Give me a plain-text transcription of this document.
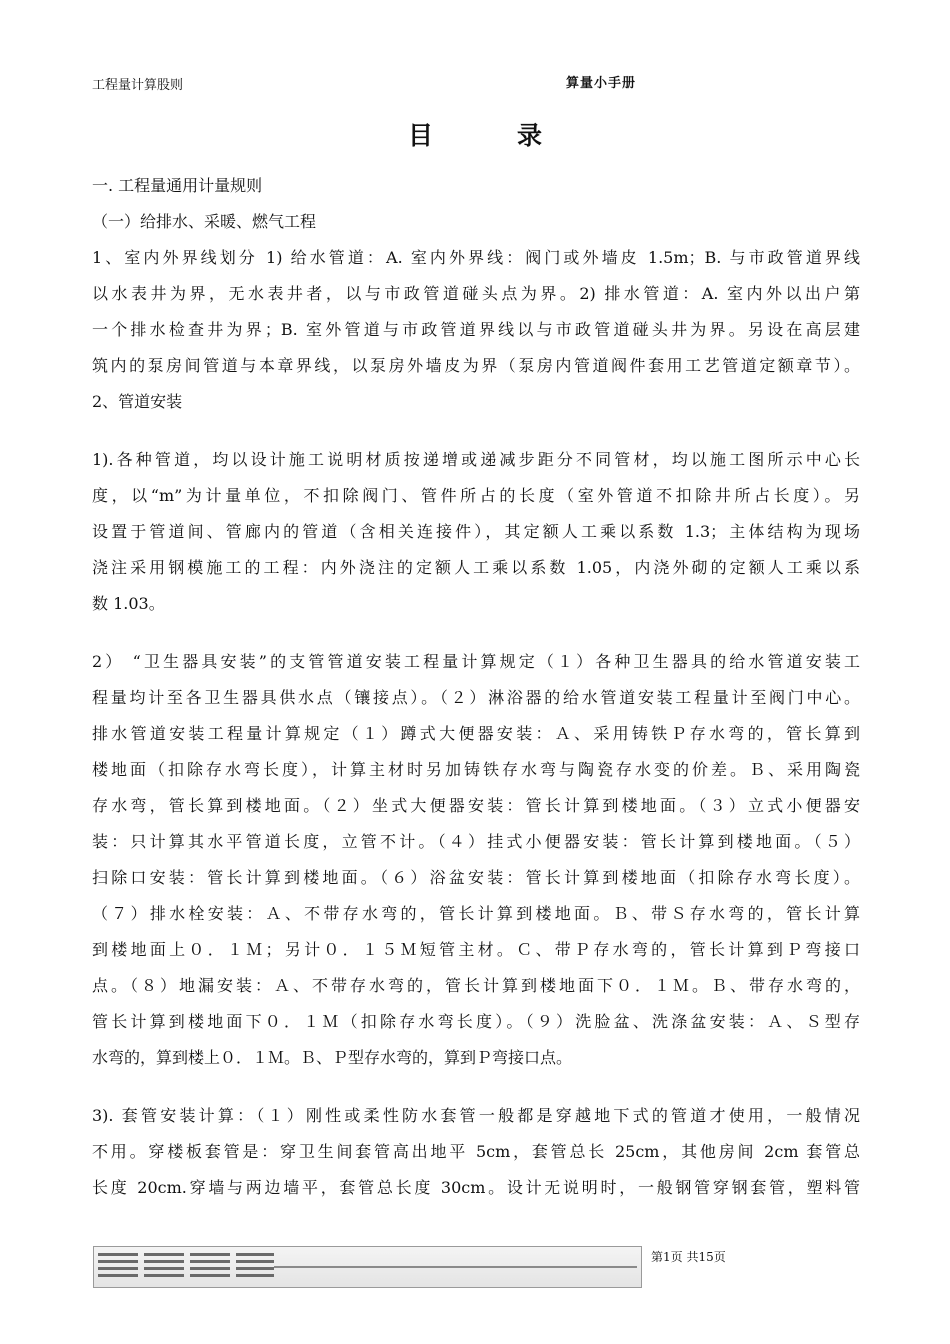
工程量计算股则	算量小手册
目	录
一. 工程量通用计量规则
（一）给排水、采暖、燃气工程
1、室内外界线划分 1) 给水管道：A. 室内外界线：阀门或外墙皮 1.5m；B. 与市政管道界线
以水表井为界，无水表井者，以与市政管道碰头点为界。2) 排水管道：A. 室内外以出户第
一个排水检查井为界；B. 室外管道与市政管道界线以与市政管道碰头井为界。另设在高层建
筑内的泵房间管道与本章界线，以泵房外墙皮为界（泵房内管道阀件套用工艺管道定额章节）。
2、管道安装
1).各种管道，均以设计施工说明材质按递增或递减步距分不同管材，均以施工图所示中心长
度，以“m”为计量单位，不扣除阀门、管件所占的长度（室外管道不扣除井所占长度）。另
设置于管道间、管廊内的管道（含相关连接件），其定额人工乘以系数 1.3；主体结构为现场
浇注采用钢模施工的工程：内外浇注的定额人工乘以系数 1.05，内浇外砌的定额人工乘以系
数 1.03。
2） “卫生器具安装”的支管管道安装工程量计算规定（１）各种卫生器具的给水管道安装工
程量均计至各卫生器具供水点（镶接点）。（２）淋浴器的给水管道安装工程量计至阀门中心。
排水管道安装工程量计算规定（１）蹲式大便器安装：Ａ、采用铸铁Ｐ存水弯的，管长算到
楼地面（扣除存水弯长度），计算主材时另加铸铁存水弯与陶瓷存水变的价差。Ｂ、采用陶瓷
存水弯，管长算到楼地面。（２）坐式大便器安装：管长计算到楼地面。（３）立式小便器安
装：只计算其水平管道长度，立管不计。（４）挂式小便器安装：管长计算到楼地面。（５）
扫除口安装：管长计算到楼地面。（６）浴盆安装：管长计算到楼地面（扣除存水弯长度）。
（７）排水栓安装：Ａ、不带存水弯的，管长计算到楼地面。Ｂ、带Ｓ存水弯的，管长计算
到楼地面上０．１Ｍ；另计０．１５Ｍ短管主材。Ｃ、带Ｐ存水弯的，管长计算到Ｐ弯接口
点。（８）地漏安装：Ａ、不带存水弯的，管长计算到楼地面下０．１Ｍ。Ｂ、带存水弯的，
管长计算到楼地面下０．１Ｍ（扣除存水弯长度）。（９）洗脸盆、洗涤盆安装：Ａ、Ｓ型存
水弯的，算到楼上０．１Ｍ。Ｂ、Ｐ型存水弯的，算到Ｐ弯接口点。
3). 套管安装计算：（１）刚性或柔性防水套管一般都是穿越地下式的管道才使用，一般情况
不用。穿楼板套管是：穿卫生间套管高出地平 5cm，套管总长 25cm，其他房间 2cm 套管总
长度 20cm.穿墙与两边墙平，套管总长度 30cm。设计无说明时，一般钢管穿钢套管，塑料管
第1页 共15页
